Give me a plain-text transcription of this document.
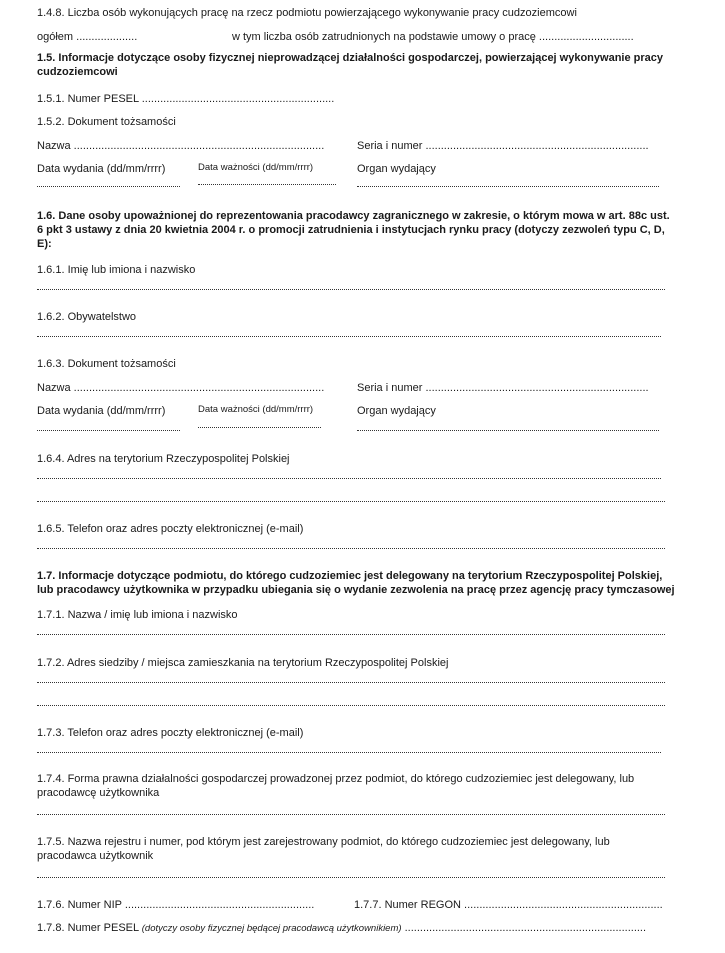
1.4.8. Liczba osób wykonujących pracę na rzecz podmiotu powierzającego wykonywanie pracy cudzoziemcowi
ogółem ....................	w tym liczba osób zatrudnionych na podstawie umowy o pracę ...............................
1.5. Informacje dotyczące osoby fizycznej nieprowadzącej działalności gospodarczej, powierzającej wykonywanie pracy cudzoziemcowi
1.5.1. Numer PESEL ...............................................................
1.5.2. Dokument tożsamości
Nazwa ..................................................................................	Seria i numer .........................................................................
Data wydania (dd/mm/rrrr)	Data ważności (dd/mm/rrrr)	Organ wydający
1.6. Dane osoby upoważnionej do reprezentowania pracodawcy zagranicznego w zakresie, o którym mowa w art. 88c ust. 6 pkt 3 ustawy z dnia 20 kwietnia 2004 r. o promocji zatrudnienia i instytucjach rynku pracy (dotyczy zezwoleń typu C, D, E):
1.6.1. Imię lub imiona i nazwisko
1.6.2. Obywatelstwo
1.6.3. Dokument tożsamości
Nazwa ..................................................................................	Seria i numer .........................................................................
Data wydania (dd/mm/rrrr)	Data ważności (dd/mm/rrrr)	Organ wydający
1.6.4. Adres na terytorium Rzeczypospolitej Polskiej
1.6.5. Telefon oraz adres poczty elektronicznej (e-mail)
1.7. Informacje dotyczące podmiotu, do którego cudzoziemiec jest delegowany na terytorium Rzeczypospolitej Polskiej, lub pracodawcy użytkownika w przypadku ubiegania się o wydanie zezwolenia na pracę przez agencję pracy tymczasowej
1.7.1. Nazwa / imię lub imiona i nazwisko
1.7.2. Adres siedziby / miejsca zamieszkania na terytorium Rzeczypospolitej Polskiej
1.7.3. Telefon oraz adres poczty elektronicznej (e-mail)
1.7.4. Forma prawna działalności gospodarczej prowadzonej przez podmiot, do którego cudzoziemiec jest delegowany, lub pracodawcę użytkownika
1.7.5. Nazwa rejestru i numer, pod którym jest zarejestrowany podmiot, do którego cudzoziemiec jest delegowany, lub pracodawca użytkownik
1.7.6. Numer NIP ..............................................................	1.7.7. Numer REGON .................................................................
1.7.8. Numer PESEL (dotyczy osoby fizycznej będącej pracodawcą użytkownikiem) ...............................................................................
